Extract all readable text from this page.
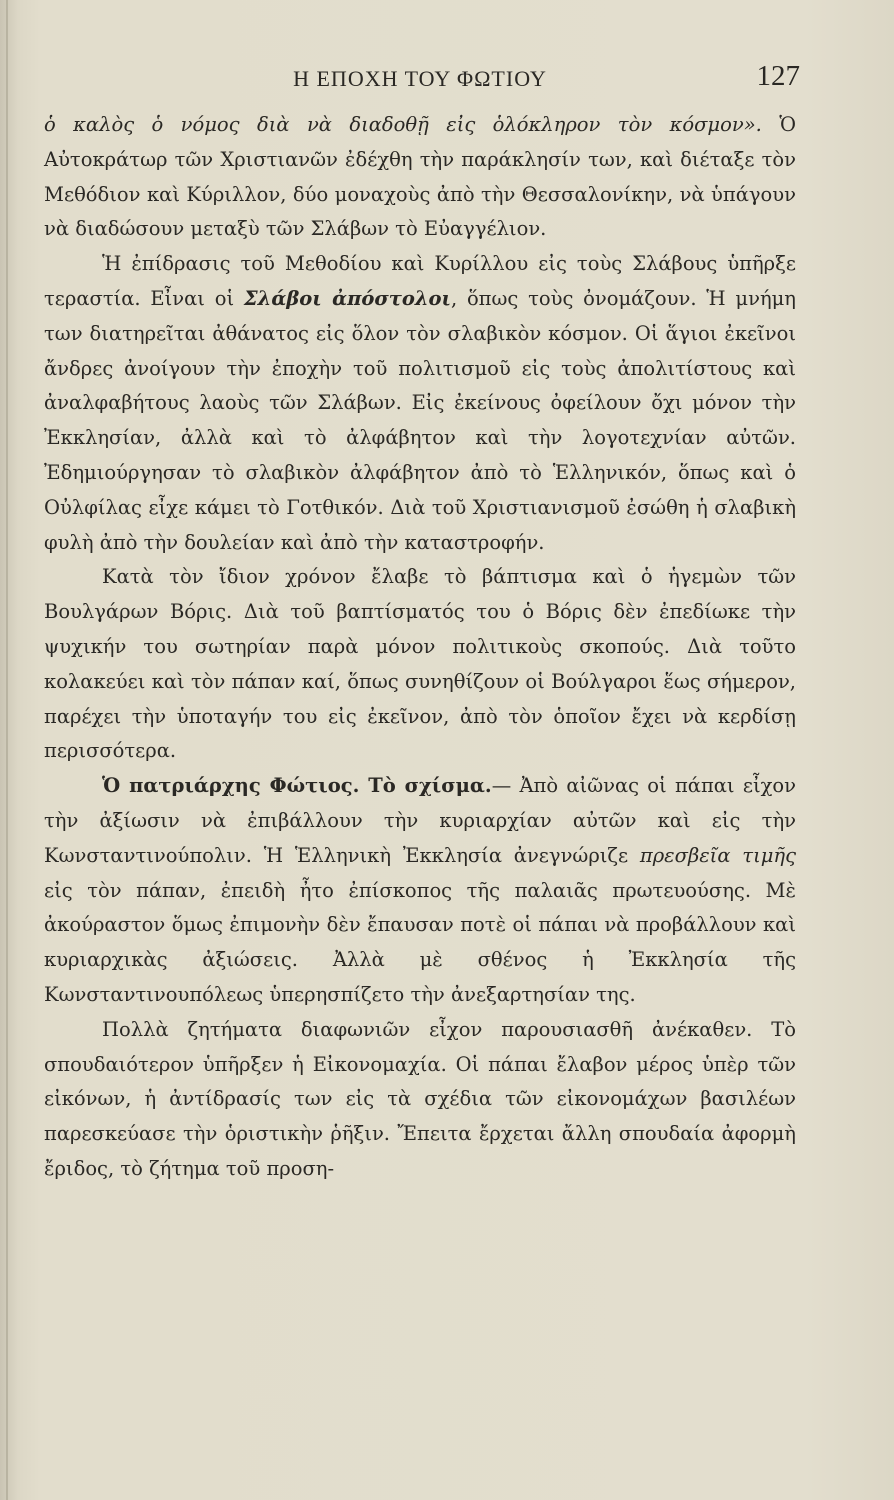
Η ΕΠΟΧΗ ΤΟΥ ΦΩΤΙΟΥ	127

ὁ καλὸς ὁ νόμος διὰ νὰ διαδοθῇ εἰς ὁλόκληρον τὸν κόσμον». Ὁ Αὐτοκράτωρ τῶν Χριστιανῶν ἐδέχθη τὴν παράκλησίν των, καὶ διέταξε τὸν Μεθόδιον καὶ Κύριλλον, δύο μοναχοὺς ἀπὸ τὴν Θεσσαλονίκην, νὰ ὑπάγουν νὰ διαδώσουν μεταξὺ τῶν Σλάβων τὸ Εὐαγγέλιον.

Ἡ ἐπίδρασις τοῦ Μεθοδίου καὶ Κυρίλλου εἰς τοὺς Σλάβους ὑπῆρξε τεραστία. Εἶναι οἱ Σλάβοι ἀπόστολοι, ὅπως τοὺς ὀνομάζουν. Ἡ μνήμη των διατηρεῖται ἀθάνατος εἰς ὅλον τὸν σλαβικὸν κόσμον. Οἱ ἅγιοι ἐκεῖνοι ἄνδρες ἀνοίγουν τὴν ἐποχὴν τοῦ πολιτισμοῦ εἰς τοὺς ἀπολιτίστους καὶ ἀναλφαβήτους λαοὺς τῶν Σλάβων. Εἰς ἐκείνους ὀφείλουν ὄχι μόνον τὴν Ἐκκλησίαν, ἀλλὰ καὶ τὸ ἀλφάβητον καὶ τὴν λογοτεχνίαν αὐτῶν. Ἐδημιούργησαν τὸ σλαβικὸν ἀλφάβητον ἀπὸ τὸ Ἑλληνικόν, ὅπως καὶ ὁ Οὐλφίλας εἶχε κάμει τὸ Γοτθικόν. Διὰ τοῦ Χριστιανισμοῦ ἐσώθη ἡ σλαβικὴ φυλὴ ἀπὸ τὴν δουλείαν καὶ ἀπὸ τὴν καταστροφήν.

Κατὰ τὸν ἴδιον χρόνον ἔλαβε τὸ βάπτισμα καὶ ὁ ἡγεμὼν τῶν Βουλγάρων Βόρις. Διὰ τοῦ βαπτίσματός του ὁ Βόρις δὲν ἐπεδίωκε τὴν ψυχικήν του σωτηρίαν παρὰ μόνον πολιτικοὺς σκοπούς. Διὰ τοῦτο κολακεύει καὶ τὸν πάπαν καί, ὅπως συνηθίζουν οἱ Βούλγαροι ἕως σήμερον, παρέχει τὴν ὑποταγήν του εἰς ἐκεῖνον, ἀπὸ τὸν ὁποῖον ἔχει νὰ κερδίσῃ περισσότερα.

Ὁ πατριάρχης Φώτιος. Τὸ σχίσμα.— Ἀπὸ αἰῶνας οἱ πάπαι εἶχον τὴν ἀξίωσιν νὰ ἐπιβάλλουν τὴν κυριαρχίαν αὐτῶν καὶ εἰς τὴν Κωνσταντινούπολιν. Ἡ Ἑλληνικὴ Ἐκκλησία ἀνεγνώριζε πρεσβεῖα τιμῆς εἰς τὸν πάπαν, ἐπειδὴ ἦτο ἐπίσκοπος τῆς παλαιᾶς πρωτευούσης. Μὲ ἀκούραστον ὅμως ἐπιμονὴν δὲν ἔπαυσαν ποτὲ οἱ πάπαι νὰ προβάλλουν καὶ κυριαρχικὰς ἀξιώσεις. Ἀλλὰ μὲ σθένος ἡ Ἐκκλησία τῆς Κωνσταντινουπόλεως ὑπερησπίζετο τὴν ἀνεξαρτησίαν της.

Πολλὰ ζητήματα διαφωνιῶν εἶχον παρουσιασθῆ ἀνέκαθεν. Τὸ σπουδαιότερον ὑπῆρξεν ἡ Εἰκονομαχία. Οἱ πάπαι ἔλαβον μέρος ὑπὲρ τῶν εἰκόνων, ἡ ἀντίδρασίς των εἰς τὰ σχέδια τῶν εἰκονομάχων βασιλέων παρεσκεύασε τὴν ὁριστικὴν ῥῆξιν. Ἔπειτα ἔρχεται ἄλλη σπουδαία ἀφορμὴ ἔριδος, τὸ ζήτημα τοῦ προση-
